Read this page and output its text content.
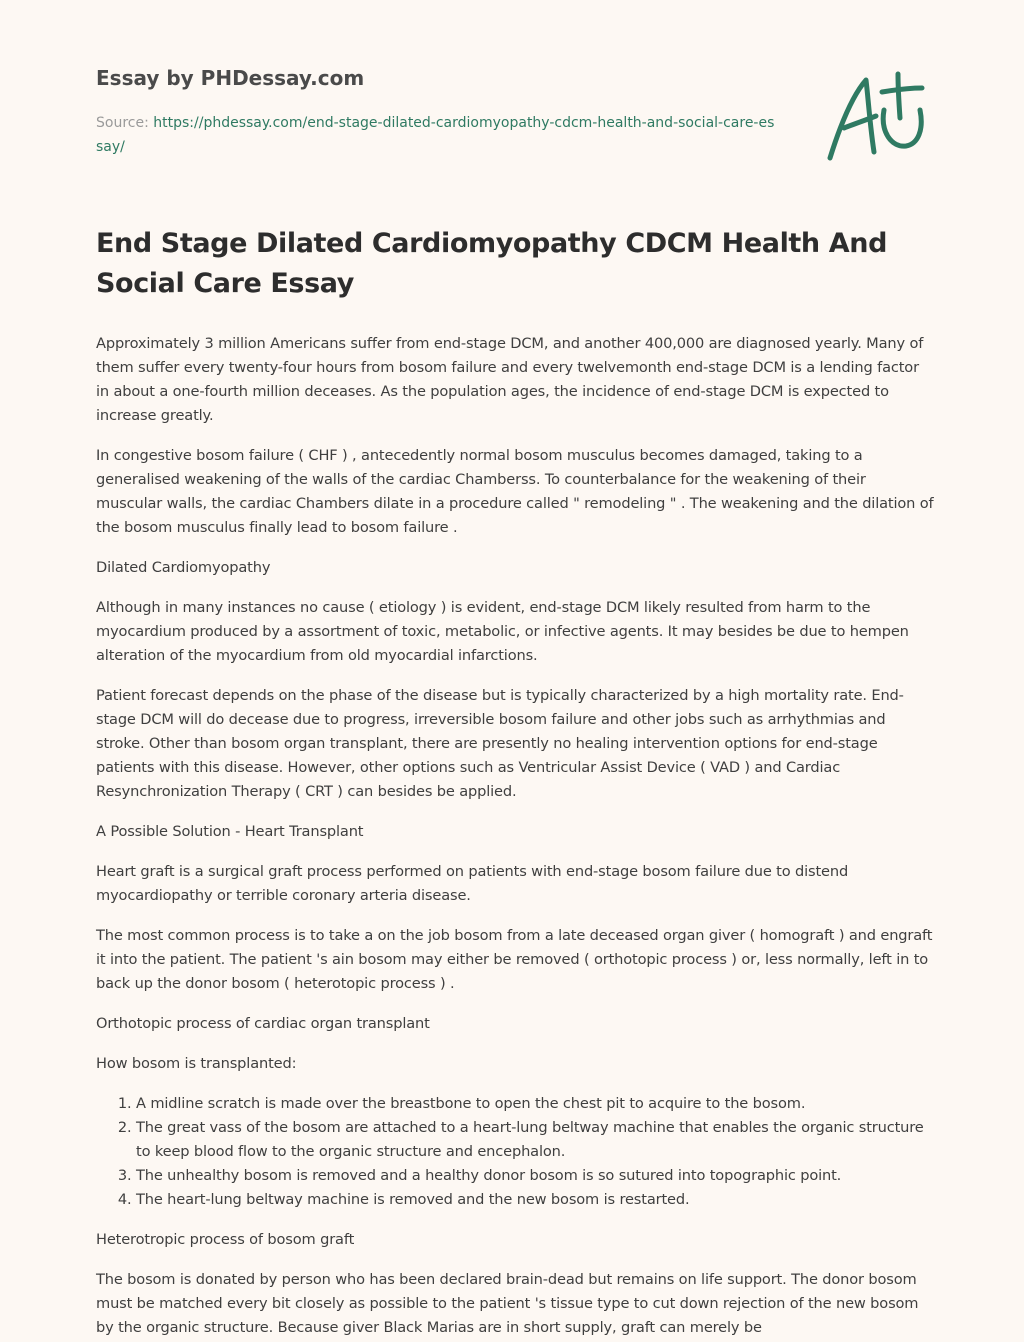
Essay by PHDessay.com
Source: https://phdessay.com/end-stage-dilated-cardiomyopathy-cdcm-health-and-social-care-essay/
End Stage Dilated Cardiomyopathy CDCM Health And Social Care Essay

Approximately 3 million Americans suffer from end-stage DCM, and another 400,000 are diagnosed yearly. Many of them suffer every twenty-four hours from bosom failure and every twelvemonth end-stage DCM is a lending factor in about a one-fourth million deceases. As the population ages, the incidence of end-stage DCM is expected to increase greatly.

In congestive bosom failure ( CHF ) , antecedently normal bosom musculus becomes damaged, taking to a generalised weakening of the walls of the cardiac Chamberss. To counterbalance for the weakening of their muscular walls, the cardiac Chambers dilate in a procedure called " remodeling " . The weakening and the dilation of the bosom musculus finally lead to bosom failure .

Dilated Cardiomyopathy

Although in many instances no cause ( etiology ) is evident, end-stage DCM likely resulted from harm to the myocardium produced by a assortment of toxic, metabolic, or infective agents. It may besides be due to hempen alteration of the myocardium from old myocardial infarctions.

Patient forecast depends on the phase of the disease but is typically characterized by a high mortality rate. End-stage DCM will do decease due to progress, irreversible bosom failure and other jobs such as arrhythmias and stroke. Other than bosom organ transplant, there are presently no healing intervention options for end-stage patients with this disease. However, other options such as Ventricular Assist Device ( VAD ) and Cardiac Resynchronization Therapy ( CRT ) can besides be applied.

A Possible Solution - Heart Transplant

Heart graft is a surgical graft process performed on patients with end-stage bosom failure due to distend myocardiopathy or terrible coronary arteria disease.

The most common process is to take a on the job bosom from a late deceased organ giver ( homograft ) and engraft it into the patient. The patient 's ain bosom may either be removed ( orthotopic process ) or, less normally, left in to back up the donor bosom ( heterotopic process ) .

Orthotopic process of cardiac organ transplant

How bosom is transplanted:

1. A midline scratch is made over the breastbone to open the chest pit to acquire to the bosom.
2. The great vass of the bosom are attached to a heart-lung beltway machine that enables the organic structure to keep blood flow to the organic structure and encephalon.
3. The unhealthy bosom is removed and a healthy donor bosom is so sutured into topographic point.
4. The heart-lung beltway machine is removed and the new bosom is restarted.

Heterotropic process of bosom graft

The bosom is donated by person who has been declared brain-dead but remains on life support. The donor bosom must be matched every bit closely as possible to the patient 's tissue type to cut down rejection of the new bosom by the organic structure. Because giver Black Marias are in short supply, graft can merely be
